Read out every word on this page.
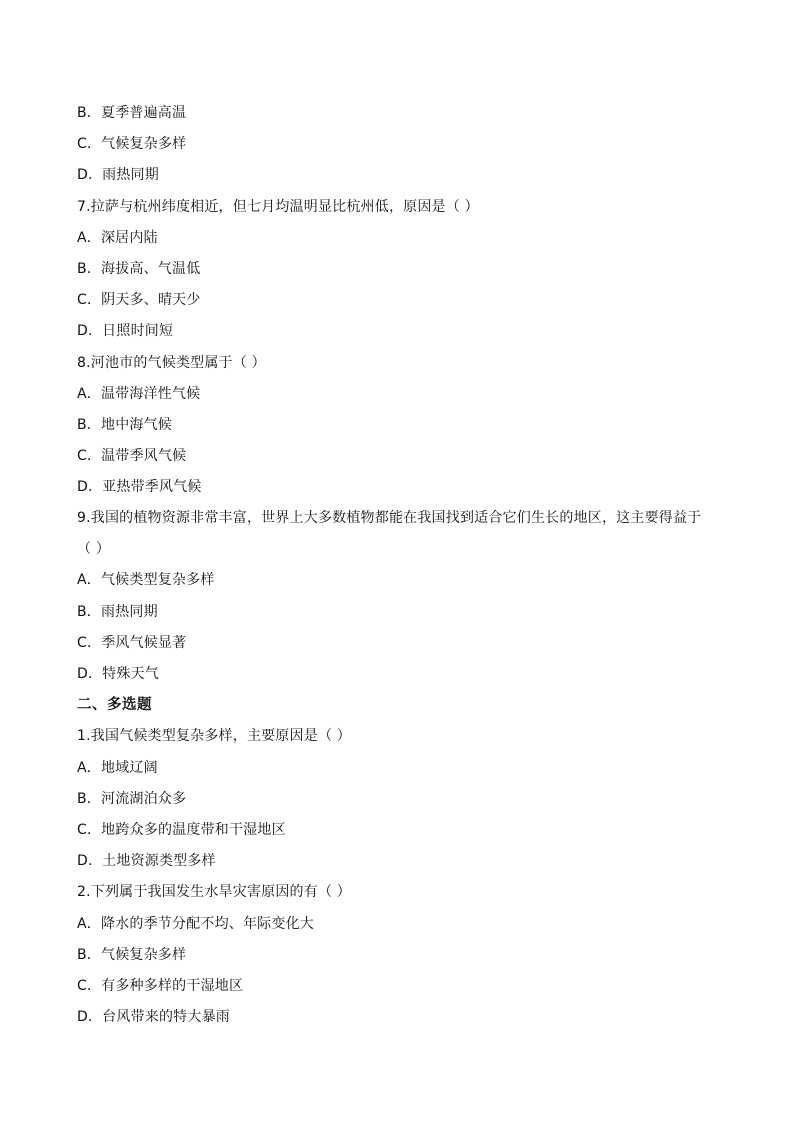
B．夏季普遍高温
C．气候复杂多样
D．雨热同期
7.拉萨与杭州纬度相近，但七月均温明显比杭州低，原因是（ ）
A．深居内陆
B．海拔高、气温低
C．阴天多、晴天少
D．日照时间短
8.河池市的气候类型属于（ ）
A．温带海洋性气候
B．地中海气候
C．温带季风气候
D．亚热带季风气候
9.我国的植物资源非常丰富，世界上大多数植物都能在我国找到适合它们生长的地区，这主要得益于
（ ）
A．气候类型复杂多样
B．雨热同期
C．季风气候显著
D．特殊天气
二、多选题
1.我国气候类型复杂多样，主要原因是（ ）
A．地域辽阔
B．河流湖泊众多
C．地跨众多的温度带和干湿地区
D．土地资源类型多样
2.下列属于我国发生水旱灾害原因的有（ ）
A．降水的季节分配不均、年际变化大
B．气候复杂多样
C．有多种多样的干湿地区
D．台风带来的特大暴雨
